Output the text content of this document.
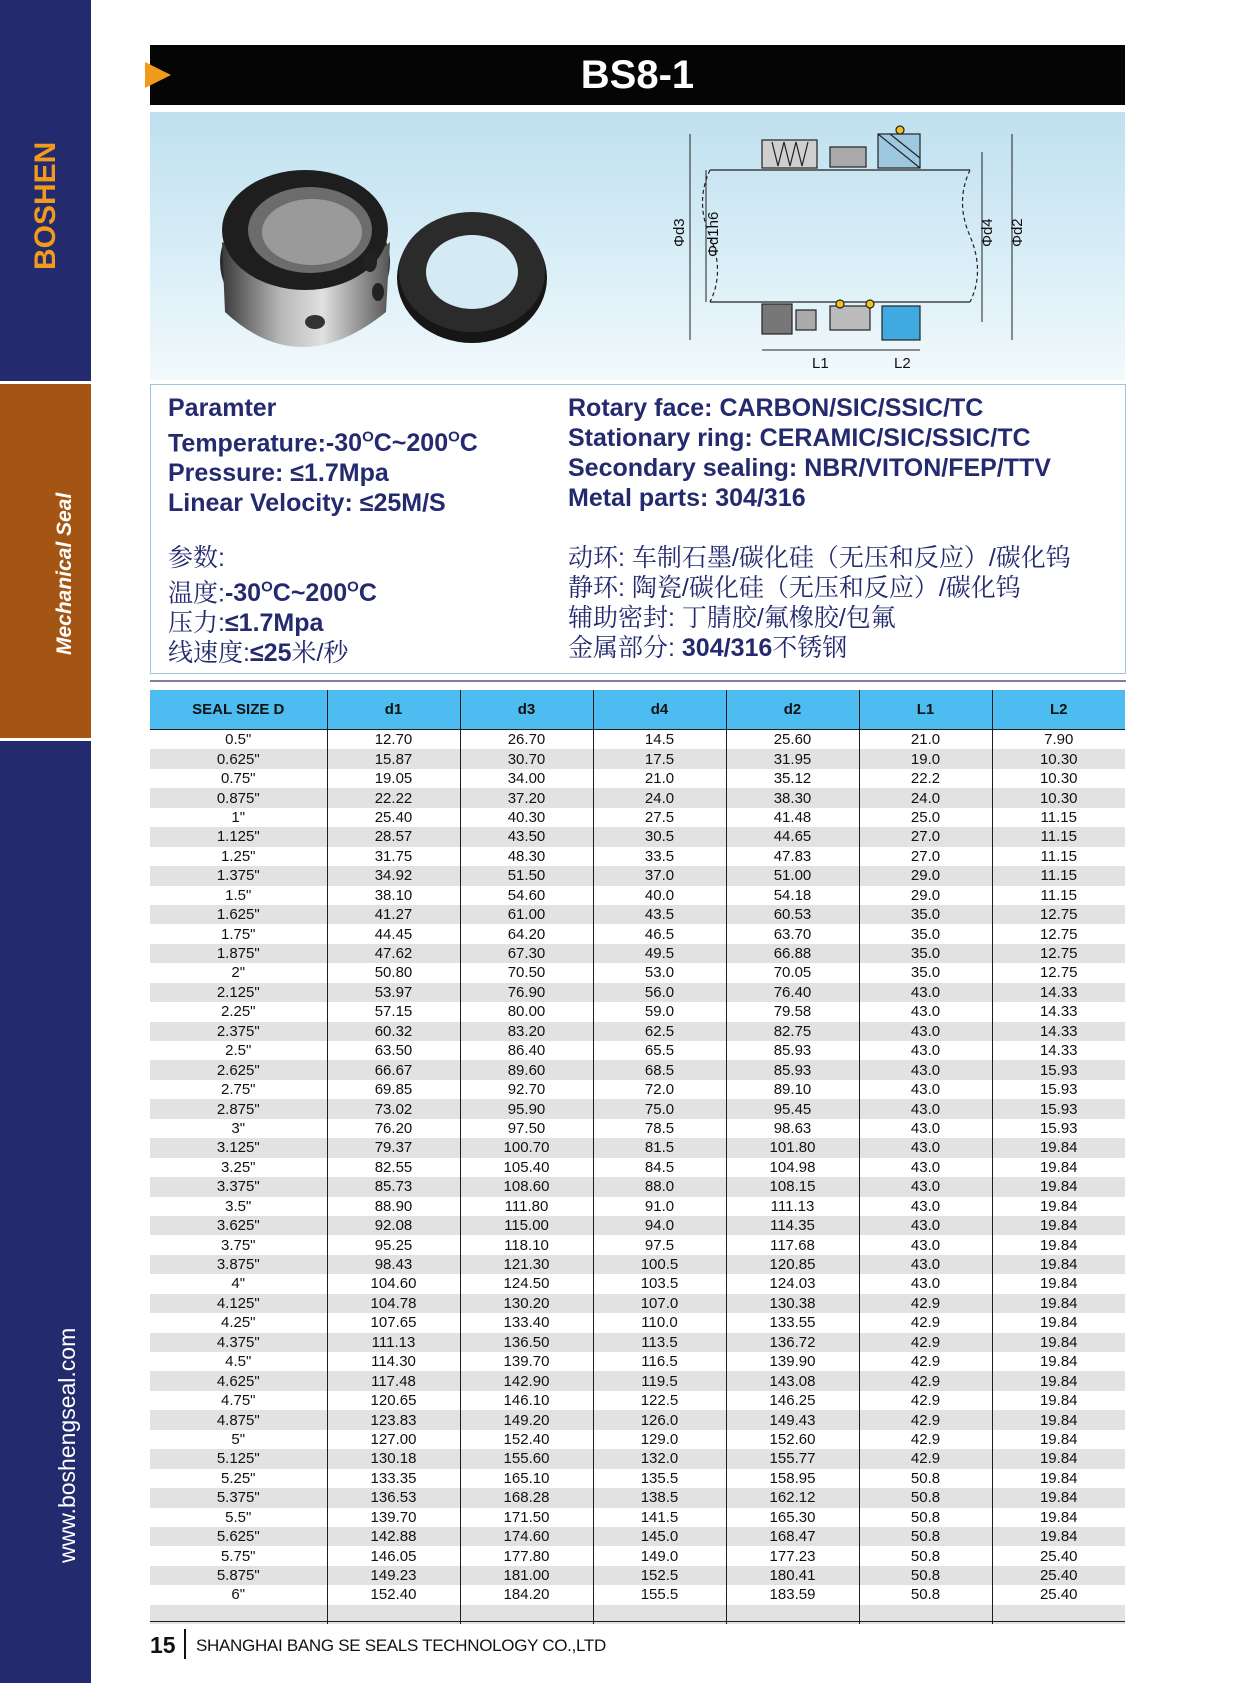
BOSHEN
Mechanical Seal
www.boshengseal.com
BS8-1
Φd3 Φd1h6	Φd4 Φd2
L1	L2
Paramter
$Temperature:-30^OC\sim 200^OC$
Pressure: ≤1.7Mpa
Linear Velocity: ≤25M/S
Rotary face: CARBON/SIC/SSIC/TC
Stationary ring: CERAMIC/SIC/SSIC/TC
Secondary sealing: NBR/VITON/FEP/TTV
Metal parts: 304/316
参数:
温度$:-30^OC\sim 200^OC$
压力:≤1.7Mpa
线速度:≤25米/秒
动环: 车制石墨/碳化硅（无压和反应）/碳化钨
静环: 陶瓷/碳化硅（无压和反应）/碳化钨
辅助密封: 丁腈胶/氟橡胶/包氟
金属部分: 304/316不锈钢
SEAL SIZE D	d1	d3	d4	d2	L1	L2
0.5"	12.70	26.70	14.5	25.60	21.0	7.90
0.625"	15.87	30.70	17.5	31.95	19.0	10.30
0.75"	19.05	34.00	21.0	35.12	22.2	10.30
0.875"	22.22	37.20	24.0	38.30	24.0	10.30
1"	25.40	40.30	27.5	41.48	25.0	11.15
1.125"	28.57	43.50	30.5	44.65	27.0	11.15
1.25"	31.75	48.30	33.5	47.83	27.0	11.15
1.375"	34.92	51.50	37.0	51.00	29.0	11.15
1.5"	38.10	54.60	40.0	54.18	29.0	11.15
1.625"	41.27	61.00	43.5	60.53	35.0	12.75
1.75"	44.45	64.20	46.5	63.70	35.0	12.75
1.875"	47.62	67.30	49.5	66.88	35.0	12.75
2"	50.80	70.50	53.0	70.05	35.0	12.75
2.125"	53.97	76.90	56.0	76.40	43.0	14.33
2.25"	57.15	80.00	59.0	79.58	43.0	14.33
2.375"	60.32	83.20	62.5	82.75	43.0	14.33
2.5"	63.50	86.40	65.5	85.93	43.0	14.33
2.625"	66.67	89.60	68.5	85.93	43.0	15.93
2.75"	69.85	92.70	72.0	89.10	43.0	15.93
2.875"	73.02	95.90	75.0	95.45	43.0	15.93
3"	76.20	97.50	78.5	98.63	43.0	15.93
3.125"	79.37	100.70	81.5	101.80	43.0	19.84
3.25"	82.55	105.40	84.5	104.98	43.0	19.84
3.375"	85.73	108.60	88.0	108.15	43.0	19.84
3.5"	88.90	111.80	91.0	111.13	43.0	19.84
3.625"	92.08	115.00	94.0	114.35	43.0	19.84
3.75"	95.25	118.10	97.5	117.68	43.0	19.84
3.875"	98.43	121.30	100.5	120.85	43.0	19.84
4"	104.60	124.50	103.5	124.03	43.0	19.84
4.125"	104.78	130.20	107.0	130.38	42.9	19.84
4.25"	107.65	133.40	110.0	133.55	42.9	19.84
4.375"	111.13	136.50	113.5	136.72	42.9	19.84
4.5"	114.30	139.70	116.5	139.90	42.9	19.84
4.625"	117.48	142.90	119.5	143.08	42.9	19.84
4.75"	120.65	146.10	122.5	146.25	42.9	19.84
4.875"	123.83	149.20	126.0	149.43	42.9	19.84
5"	127.00	152.40	129.0	152.60	42.9	19.84
5.125"	130.18	155.60	132.0	155.77	42.9	19.84
5.25"	133.35	165.10	135.5	158.95	50.8	19.84
5.375"	136.53	168.28	138.5	162.12	50.8	19.84
5.5"	139.70	171.50	141.5	165.30	50.8	19.84
5.625"	142.88	174.60	145.0	168.47	50.8	19.84
5.75"	146.05	177.80	149.0	177.23	50.8	25.40
5.875"	149.23	181.00	152.5	180.41	50.8	25.40
6"	152.40	184.20	155.5	183.59	50.8	25.40

15 SHANGHAI BANG SE SEALS TECHNOLOGY CO.,LTD
